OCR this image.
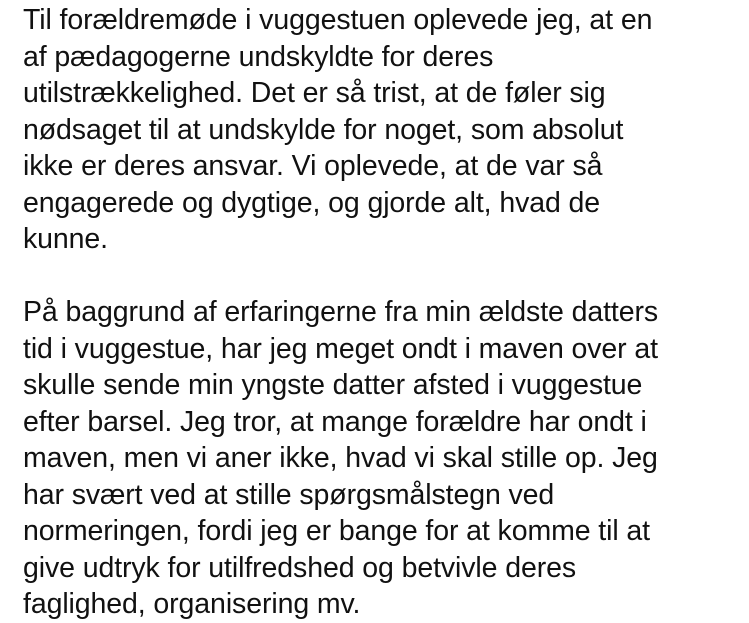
Til forældremøde i vuggestuen oplevede jeg, at en
af pædagogerne undskyldte for deres
utilstrækkelighed. Det er så trist, at de føler sig
nødsaget til at undskylde for noget, som absolut
ikke er deres ansvar. Vi oplevede, at de var så
engagerede og dygtige, og gjorde alt, hvad de
kunne.
På baggrund af erfaringerne fra min ældste datters
tid i vuggestue, har jeg meget ondt i maven over at
skulle sende min yngste datter afsted i vuggestue
efter barsel. Jeg tror, at mange forældre har ondt i
maven, men vi aner ikke, hvad vi skal stille op. Jeg
har svært ved at stille spørgsmålstegn ved
normeringen, fordi jeg er bange for at komme til at
give udtryk for utilfredshed og betvivle deres
faglighed, organisering mv.
